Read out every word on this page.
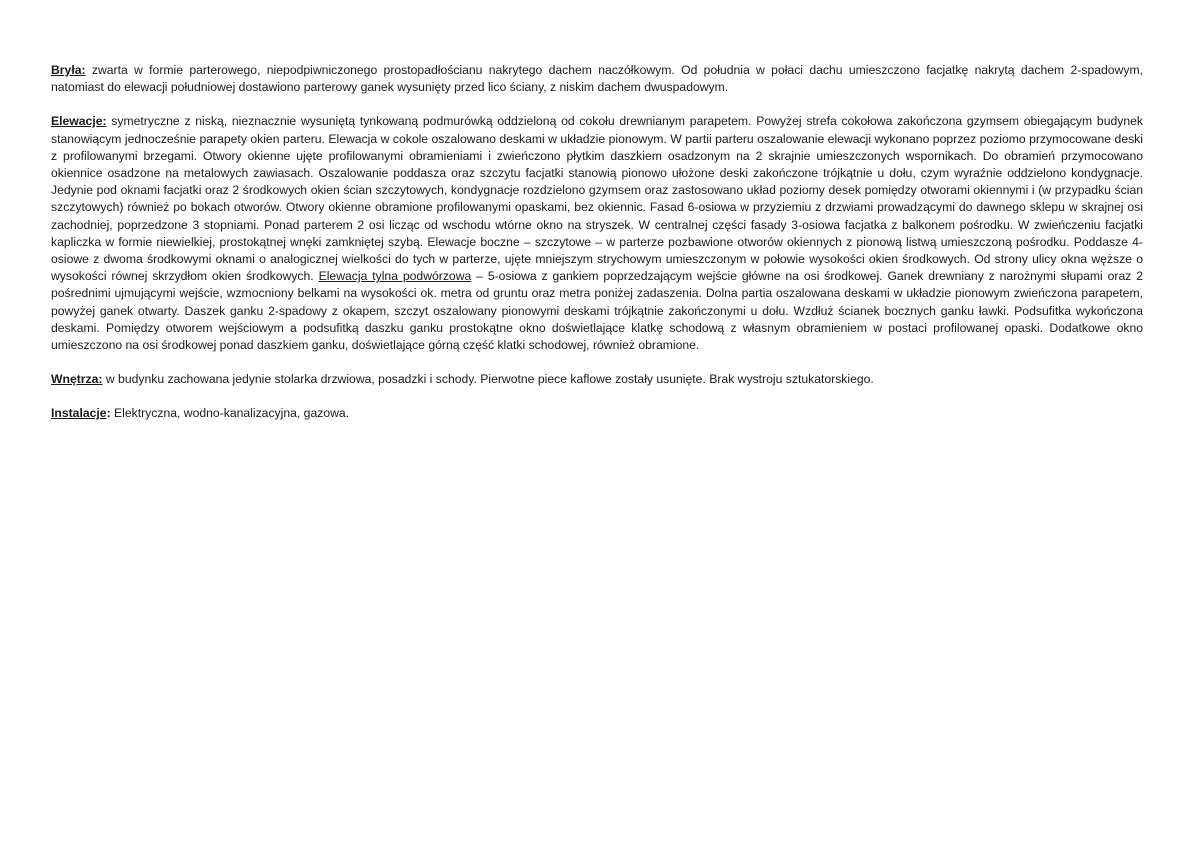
Bryła: zwarta w formie parterowego, niepodpiwniczonego prostopadłościanu nakrytego dachem naczółkowym. Od południa w połaci dachu umieszczono facjatkę nakrytą dachem 2-spadowym, natomiast do elewacji południowej dostawiono parterowy ganek wysunięty przed lico ściany, z niskim dachem dwuspadowym.

Elewacje: symetryczne z niską, nieznacznie wysuniętą tynkowaną podmurówką oddzieloną od cokołu drewnianym parapetem. Powyżej strefa cokołowa zakończona gzymsem obiegającym budynek stanowiącym jednocześnie parapety okien parteru. Elewacja w cokole oszalowano deskami w układzie pionowym. W partii parteru oszalowanie elewacji wykonano poprzez poziomo przymocowane deski z profilowanymi brzegami. Otwory okienne ujęte profilowanymi obramieniami i zwieńczono płytkim daszkiem osadzonym na 2 skrajnie umieszczonych wspornikach. Do obramień przymocowano okiennice osadzone na metalowych zawiasach. Oszalowanie poddasza oraz szczytu facjatki stanowią pionowo ułożone deski zakończone trójkątnie u dołu, czym wyraźnie oddzielono kondygnacje. Jedynie pod oknami facjatki oraz 2 środkowych okien ścian szczytowych, kondygnacje rozdzielono gzymsem oraz zastosowano układ poziomy desek pomiędzy otworami okiennymi i (w przypadku ścian szczytowych) również po bokach otworów. Otwory okienne obramione profilowanymi opaskami, bez okiennic. Fasad 6-osiowa w przyziemiu z drzwiami prowadzącymi do dawnego sklepu w skrajnej osi zachodniej, poprzedzone 3 stopniami. Ponad parterem 2 osi licząc od wschodu wtórne okno na stryszek. W centralnej części fasady 3-osiowa facjatka z balkonem pośrodku. W zwieńczeniu facjatki kapliczka w formie niewielkiej, prostokątnej wnęki zamkniętej szybą. Elewacje boczne – szczytowe – w parterze pozbawione otworów okiennych z pionową listwą umieszczoną pośrodku. Poddasze 4-osiowe z dwoma środkowymi oknami o analogicznej wielkości do tych w parterze, ujęte mniejszym strychowym umieszczonym w połowie wysokości okien środkowych. Od strony ulicy okna węższe o wysokości równej skrzydłom okien środkowych. Elewacja tylna podwórzowa – 5-osiowa z gankiem poprzedzającym wejście główne na osi środkowej. Ganek drewniany z narożnymi słupami oraz 2 pośrednimi ujmującymi wejście, wzmocniony belkami na wysokości ok. metra od gruntu oraz metra poniżej zadaszenia. Dolna partia oszalowana deskami w układzie pionowym zwieńczona parapetem, powyżej ganek otwarty. Daszek ganku 2-spadowy z okapem, szczyt oszalowany pionowymi deskami trójkątnie zakończonymi u dołu. Wzdłuż ścianek bocznych ganku ławki. Podsufitka wykończona deskami. Pomiędzy otworem wejściowym a podsufitką daszku ganku prostokątne okno doświetlające klatkę schodową z własnym obramieniem w postaci profilowanej opaski. Dodatkowe okno umieszczono na osi środkowej ponad daszkiem ganku, doświetlające górną część klatki schodowej, również obramione.

Wnętrza: w budynku zachowana jedynie stolarka drzwiowa, posadzki i schody. Pierwotne piece kaflowe zostały usunięte. Brak wystroju sztukatorskiego.

Instalacje: Elektryczna, wodno-kanalizacyjna, gazowa.
